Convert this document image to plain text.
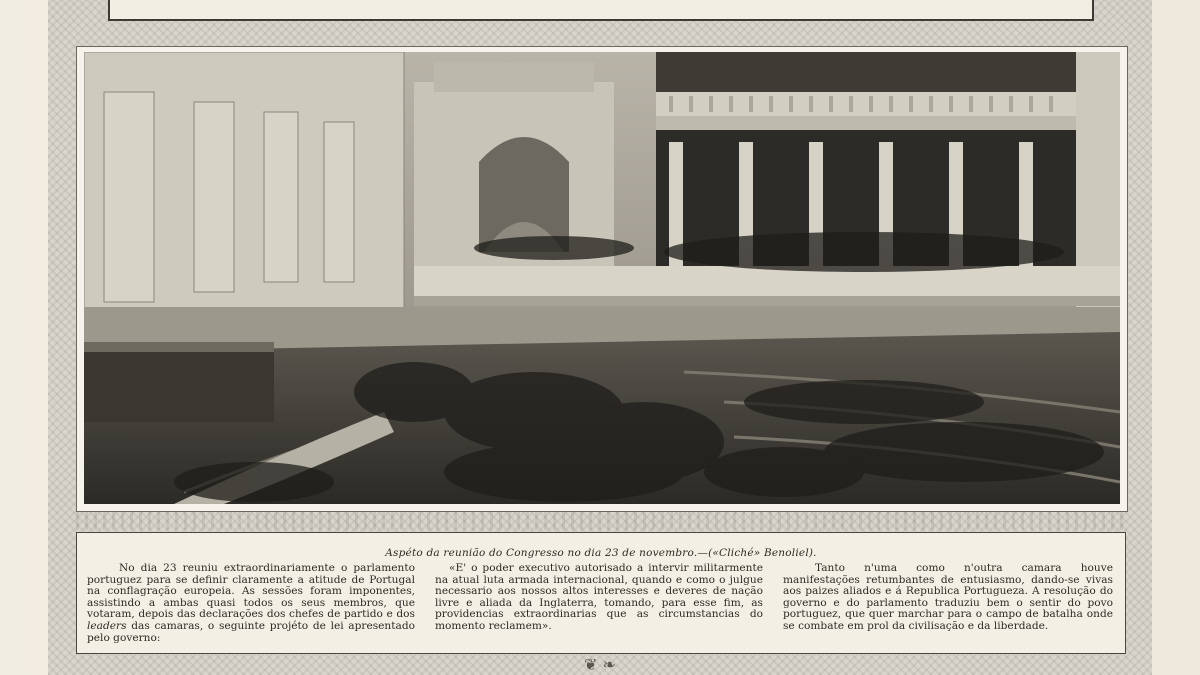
Aspéto da reunião do Congresso no dia 23 de novembro.—(«Cliché» Benoliel).
No dia 23 reuniu extraordinariamente o parlamento portuguez para se definir claramente a atitude de Portugal na conflagração europeia. As sessões foram imponentes, assistindo a ambas quasi todos os seus membros, que votaram, depois das declarações dos chefes de partido e dos leaders das camaras, o seguinte projéto de lei apresentado pelo governo:
«E' o poder executivo autorisado a intervir militarmente na atual luta armada internacional, quando e como o julgue necessario aos nossos altos interesses e deveres de nação livre e aliada da Inglaterra, tomando, para esse fim, as providencias extraordinarias que as circumstancias do momento reclamem».
Tanto n'uma como n'outra camara houve manifestações retumbantes de entusiasmo, dando-se vivas aos paizes aliados e á Republica Portugueza. A resolução do governo e do parlamento traduziu bem o sentir do povo portuguez, que quer marchar para o campo de batalha onde se combate em prol da civilisação e da liberdade.
❦ ❧
